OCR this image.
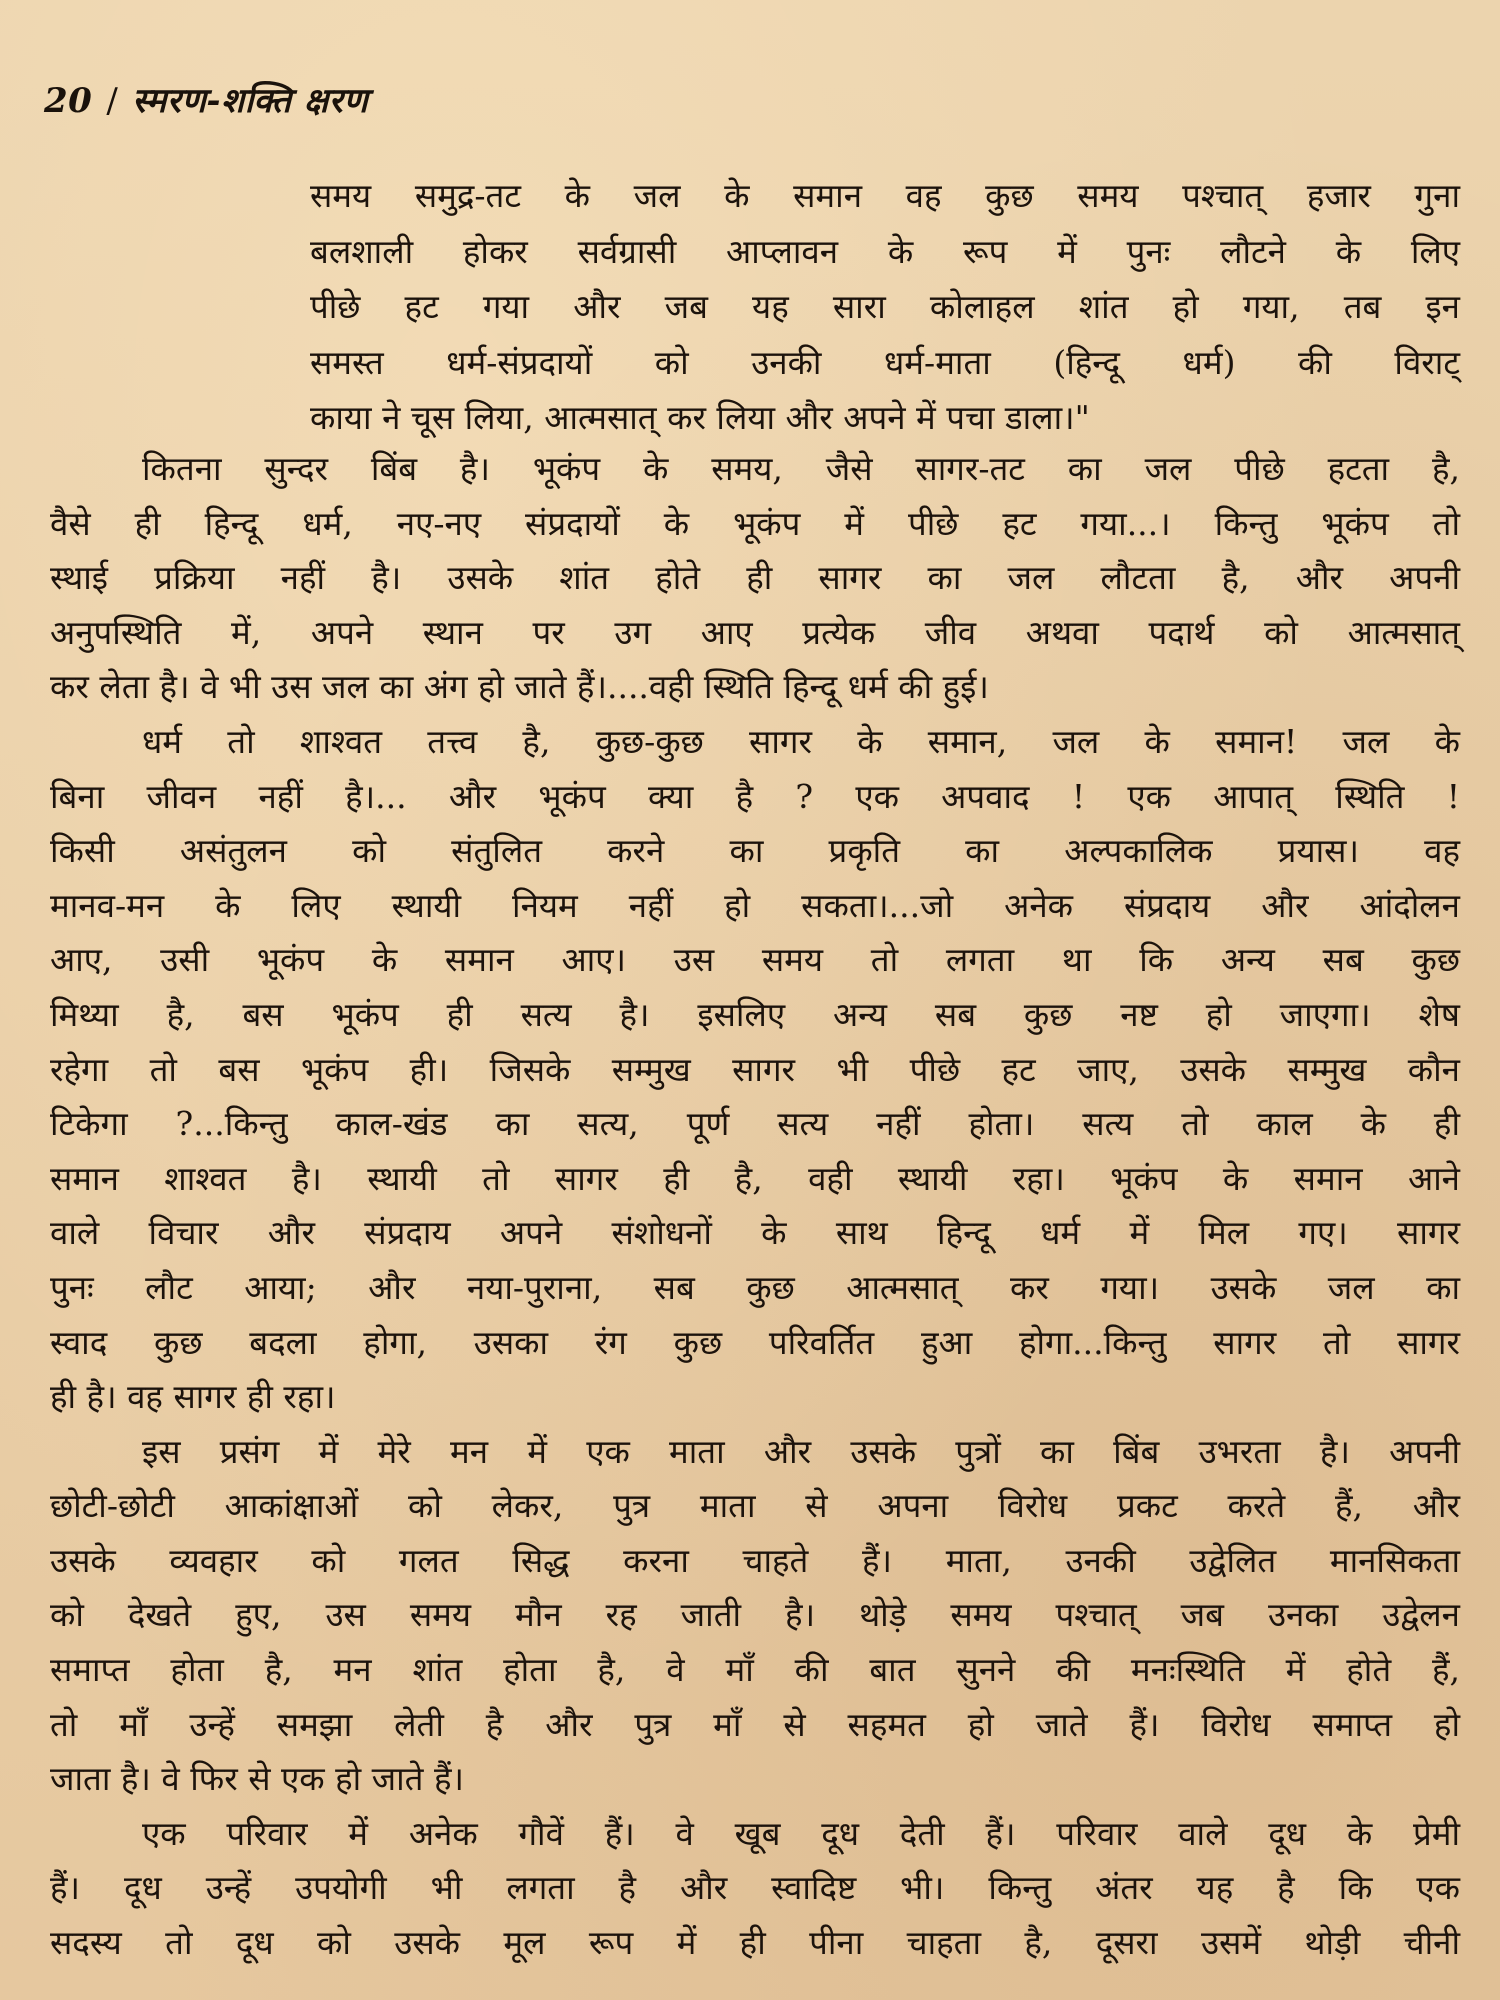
20 / स्मरण-शक्ति क्षरण
समय समुद्र-तट के जल के समान वह कुछ समय पश्चात् हजार गुना
बलशाली होकर सर्वग्रासी आप्लावन के रूप में पुनः लौटने के लिए
पीछे हट गया और जब यह सारा कोलाहल शांत हो गया, तब इन
समस्त धर्म-संप्रदायों को उनकी धर्म-माता (हिन्दू धर्म) की विराट्
काया ने चूस लिया, आत्मसात् कर लिया और अपने में पचा डाला।"
कितना सुन्दर बिंब है। भूकंप के समय, जैसे सागर-तट का जल पीछे हटता है,
वैसे ही हिन्दू धर्म, नए-नए संप्रदायों के भूकंप में पीछे हट गया...। किन्तु भूकंप तो
स्थाई प्रक्रिया नहीं है। उसके शांत होते ही सागर का जल लौटता है, और अपनी
अनुपस्थिति में, अपने स्थान पर उग आए प्रत्येक जीव अथवा पदार्थ को आत्मसात्
कर लेता है। वे भी उस जल का अंग हो जाते हैं।....वही स्थिति हिन्दू धर्म की हुई।
धर्म तो शाश्वत तत्त्व है, कुछ-कुछ सागर के समान, जल के समान! जल के
बिना जीवन नहीं है।... और भूकंप क्या है ? एक अपवाद ! एक आपात् स्थिति !
किसी असंतुलन को संतुलित करने का प्रकृति का अल्पकालिक प्रयास। वह
मानव-मन के लिए स्थायी नियम नहीं हो सकता।...जो अनेक संप्रदाय और आंदोलन
आए, उसी भूकंप के समान आए। उस समय तो लगता था कि अन्य सब कुछ
मिथ्या है, बस भूकंप ही सत्य है। इसलिए अन्य सब कुछ नष्ट हो जाएगा। शेष
रहेगा तो बस भूकंप ही। जिसके सम्मुख सागर भी पीछे हट जाए, उसके सम्मुख कौन
टिकेगा ?...किन्तु काल-खंड का सत्य, पूर्ण सत्य नहीं होता। सत्य तो काल के ही
समान शाश्वत है। स्थायी तो सागर ही है, वही स्थायी रहा। भूकंप के समान आने
वाले विचार और संप्रदाय अपने संशोधनों के साथ हिन्दू धर्म में मिल गए। सागर
पुनः लौट आया; और नया-पुराना, सब कुछ आत्मसात् कर गया। उसके जल का
स्वाद कुछ बदला होगा, उसका रंग कुछ परिवर्तित हुआ होगा...किन्तु सागर तो सागर
ही है। वह सागर ही रहा।
इस प्रसंग में मेरे मन में एक माता और उसके पुत्रों का बिंब उभरता है। अपनी
छोटी-छोटी आकांक्षाओं को लेकर, पुत्र माता से अपना विरोध प्रकट करते हैं, और
उसके व्यवहार को गलत सिद्ध करना चाहते हैं। माता, उनकी उद्वेलित मानसिकता
को देखते हुए, उस समय मौन रह जाती है। थोड़े समय पश्चात् जब उनका उद्वेलन
समाप्त होता है, मन शांत होता है, वे माँ की बात सुनने की मनःस्थिति में होते हैं,
तो माँ उन्हें समझा लेती है और पुत्र माँ से सहमत हो जाते हैं। विरोध समाप्त हो
जाता है। वे फिर से एक हो जाते हैं।
एक परिवार में अनेक गौवें हैं। वे खूब दूध देती हैं। परिवार वाले दूध के प्रेमी
हैं। दूध उन्हें उपयोगी भी लगता है और स्वादिष्ट भी। किन्तु अंतर यह है कि एक
सदस्य तो दूध को उसके मूल रूप में ही पीना चाहता है, दूसरा उसमें थोड़ी चीनी
